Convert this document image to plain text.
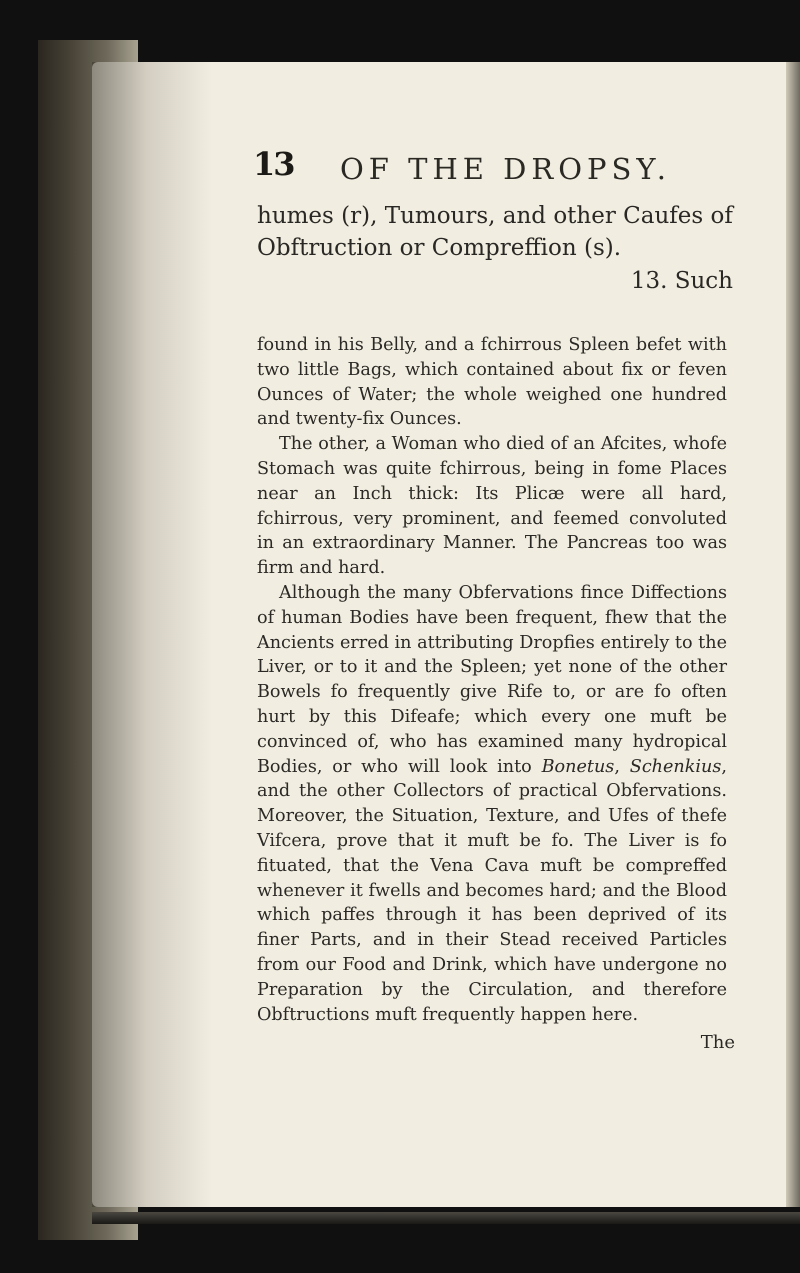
13 OF THE DROPSY.
humes (r), Tumours, and other Caufes of
Obftruction or Compreffion (s).
13. Such

found in his Belly, and a fchirrous Spleen befet with two little Bags, which contained about fix or feven Ounces of Water; the whole weighed one hundred and twenty-fix Ounces.

The other, a Woman who died of an Afcites, whofe Stomach was quite fchirrous, being in fome Places near an Inch thick: Its Plicæ were all hard, fchirrous, very prominent, and feemed convoluted in an extraordinary Manner. The Pancreas too was firm and hard.

Although the many Obfervations fince Diffections of human Bodies have been frequent, fhew that the Ancients erred in attributing Dropfies entirely to the Liver, or to it and the Spleen; yet none of the other Bowels fo frequently give Rife to, or are fo often hurt by this Difeafe; which every one muft be convinced of, who has examined many hydropical Bodies, or who will look into Bonetus, Schenkius, and the other Collectors of practical Obfervations. Moreover, the Situation, Texture, and Ufes of thefe Vifcera, prove that it muft be fo. The Liver is fo fituated, that the Vena Cava muft be compreffed whenever it fwells and becomes hard; and the Blood which paffes through it has been deprived of its finer Parts, and in their Stead received Particles from our Food and Drink, which have undergone no Preparation by the Circulation, and therefore Obftructions muft frequently happen here.

The
